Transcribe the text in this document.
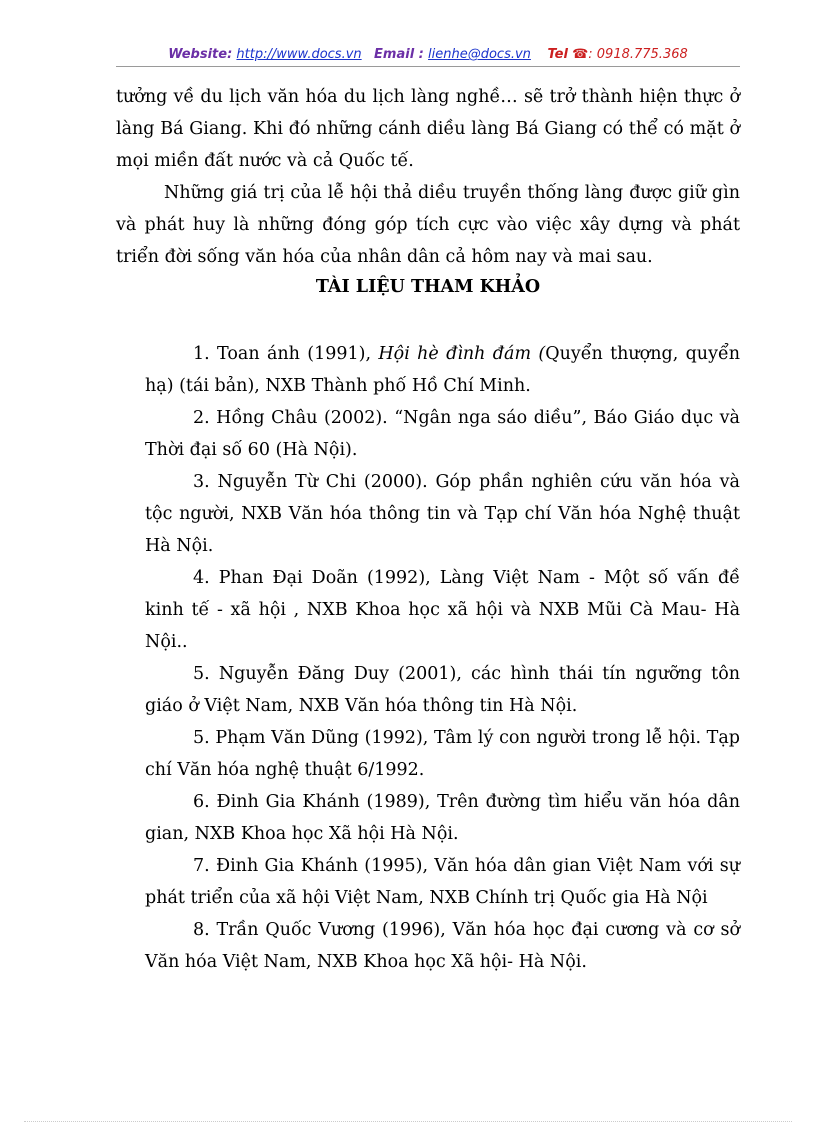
Website: http://www.docs.vn Email : lienhe@docs.vn Tel ☎: 0918.775.368

tưởng về du lịch văn hóa du lịch làng nghề… sẽ trở thành hiện thực ở làng Bá Giang. Khi đó những cánh diều làng Bá Giang có thể có mặt ở mọi miền đất nước và cả Quốc tế.

Những giá trị của lễ hội thả diều truyền thống làng được giữ gìn và phát huy là những đóng góp tích cực vào việc xây dựng và phát triển đời sống văn hóa của nhân dân cả hôm nay và mai sau.

TÀI LIỆU THAM KHẢO

1. Toan ánh (1991), Hội hè đình đám (Quyển thượng, quyển hạ) (tái bản), NXB Thành phố Hồ Chí Minh.

2. Hồng Châu (2002). “Ngân nga sáo diều”, Báo Giáo dục và Thời đại số 60 (Hà Nội).

3. Nguyễn Từ Chi (2000). Góp phần nghiên cứu văn hóa và tộc người, NXB Văn hóa thông tin và Tạp chí Văn hóa Nghệ thuật Hà Nội.

4. Phan Đại Doãn (1992), Làng Việt Nam - Một số vấn đề kinh tế - xã hội , NXB Khoa học xã hội và NXB Mũi Cà Mau- Hà Nội..

5. Nguyễn Đăng Duy (2001), các hình thái tín ngưỡng tôn giáo ở Việt Nam, NXB Văn hóa thông tin Hà Nội.

5. Phạm Văn Dũng (1992), Tâm lý con người trong lễ hội. Tạp chí Văn hóa nghệ thuật 6/1992.

6. Đinh Gia Khánh (1989), Trên đường tìm hiểu văn hóa dân gian, NXB Khoa học Xã hội Hà Nội.

7. Đinh Gia Khánh (1995), Văn hóa dân gian Việt Nam với sự phát triển của xã hội Việt Nam, NXB Chính trị Quốc gia Hà Nội

8. Trần Quốc Vương (1996), Văn hóa học đại cương và cơ sở Văn hóa Việt Nam, NXB Khoa học Xã hội- Hà Nội.
